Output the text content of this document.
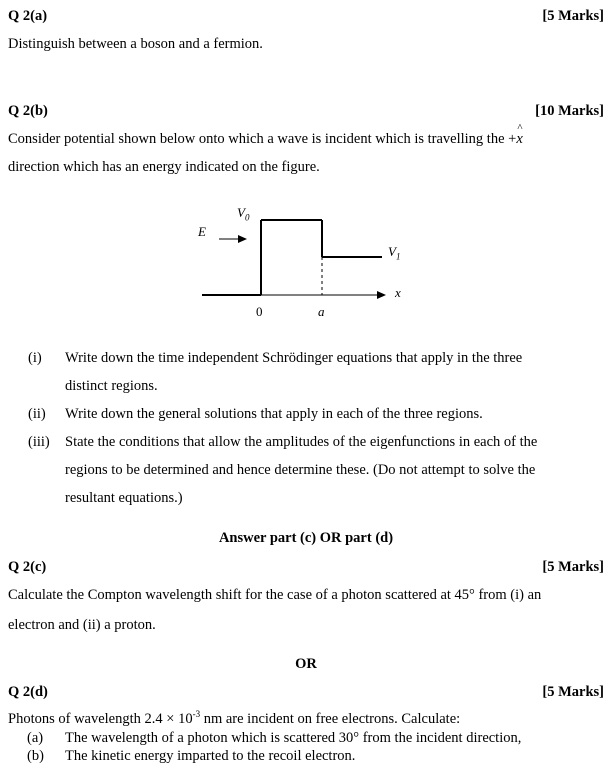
Q 2(a)	[5 Marks]
Distinguish between a boson and a fermion.
Q 2(b)	[10 Marks]
Consider potential shown below onto which a wave is incident which is travelling the +
^
x
direction which has an energy indicated on the figure.
E
$V_0$
$V_1$
x
0	a
(i) Write down the time independent Schrödinger equations that apply in the three
distinct regions.
(ii) Write down the general solutions that apply in each of the three regions.
(iii) State the conditions that allow the amplitudes of the eigenfunctions in each of the
regions to be determined and hence determine these. (Do not attempt to solve the
resultant equations.)
Answer part (c) OR part (d)
Q 2(c)	[5 Marks]
Calculate the Compton wavelength shift for the case of a photon scattered at 45° from (i) an
electron and (ii) a proton.
OR
Q 2(d)	[5 Marks]
Photons of wavelength $2.4 \times 10^{-3}$ nm are incident on free electrons. Calculate:
(a) The wavelength of a photon which is scattered 30° from the incident direction,
(b) The kinetic energy imparted to the recoil electron.
